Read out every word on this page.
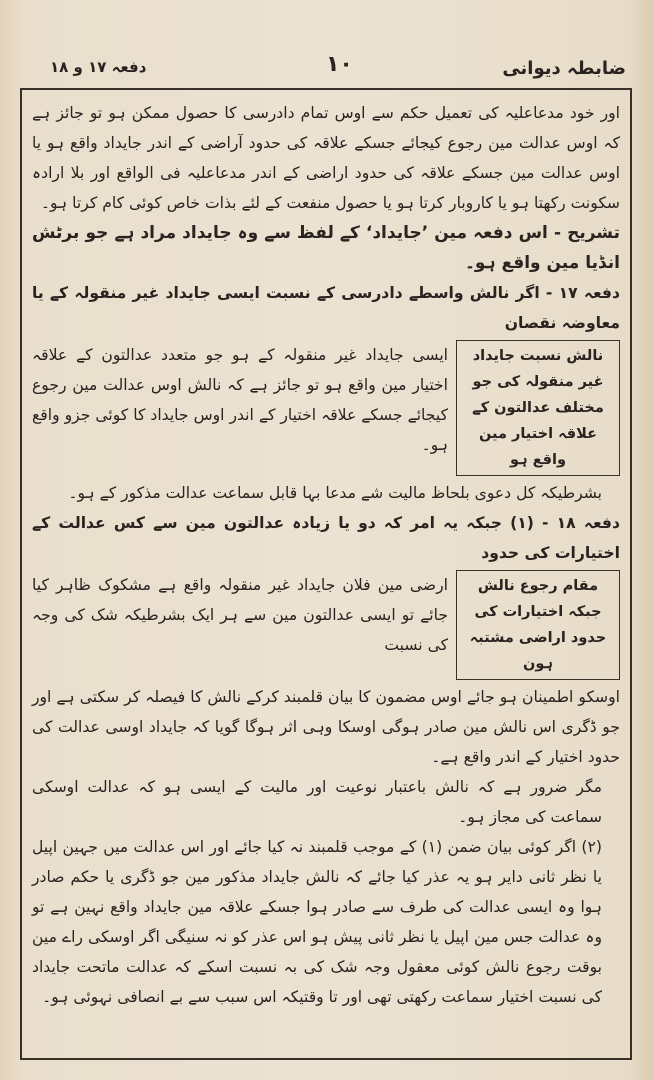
ضابطہ دیوانی
۱۰
دفعہ ۱۷ و ۱۸

اور خود مدعاعلیہ کی تعمیل حکم سے اوس تمام دادرسی کا حصول ممکن ہو تو جائز ہے کہ اوس عدالت مین رجوع کیجائے جسکے علاقہ کی حدود آراضی کے اندر جایداد واقع ہو یا اوس عدالت مین جسکے علاقہ کی حدود اراضی کے اندر مدعاعلیہ فی الواقع اور بلا ارادہ سکونت رکھتا ہو یا کاروبار کرتا ہو یا حصول منفعت کے لئے بذات خاص کوئی کام کرتا ہو۔

تشریح - اس دفعہ مین ’جایداد‘ کے لفظ سے وہ جایداد مراد ہے جو برٹش انڈیا مین واقع ہو۔

دفعہ ۱۷ - اگر نالش واسطے دادرسی کے نسبت ایسی جایداد غیر منقولہ کے یا معاوضہ نقصان

نالش نسبت جایداد غیر منقولہ کی جو مختلف عدالتون کے علاقہ اختیار مین واقع ہو
ایسی جایداد غیر منقولہ کے ہو جو متعدد عدالتون کے علاقہ اختیار مین واقع ہو تو جائز ہے کہ نالش اوس عدالت مین رجوع کیجائے جسکے علاقہ اختیار کے اندر اوس جایداد کا کوئی جزو واقع ہو۔

بشرطیکہ کل دعوی بلحاظ مالیت شے مدعا بہا قابل سماعت عدالت مذکور کے ہو۔

دفعہ ۱۸ - (۱) جبکہ یہ امر کہ دو یا زیادہ عدالتون مین سے کس عدالت کے اختیارات کی حدود

مقام رجوع نالش جبکہ اختیارات کی حدود اراضی مشتبہ ہون
ارضی مین فلان جایداد غیر منقولہ واقع ہے مشکوک ظاہر کیا جائے تو ایسی عدالتون مین سے ہر ایک بشرطیکہ شک کی وجہ کی نسبت

اوسکو اطمینان ہو جائے اوس مضمون کا بیان قلمبند کرکے نالش کا فیصلہ کر سکتی ہے اور جو ڈگری اس نالش مین صادر ہوگی اوسکا وہی اثر ہوگا گویا کہ جایداد اوسی عدالت کی حدود اختیار کے اندر واقع ہے۔

مگر ضرور ہے کہ نالش باعتبار نوعیت اور مالیت کے ایسی ہو کہ عدالت اوسکی سماعت کی مجاز ہو۔

(۲) اگر کوئی بیان ضمن (۱) کے موجب قلمبند نہ کیا جائے اور اس عدالت میں جہین اپیل یا نظر ثانی دایر ہو یہ عذر کیا جائے کہ نالش جایداد مذکور مین جو ڈگری یا حکم صادر ہوا وہ ایسی عدالت کی طرف سے صادر ہوا جسکے علاقہ مین جایداد واقع نہین ہے تو وہ عدالت جس مین اپیل یا نظر ثانی پیش ہو اس عذر کو نہ سنیگی اگر اوسکی راے مین بوقت رجوع نالش کوئی معقول وجہ شک کی بہ نسبت اسکے کہ عدالت ماتحت جایداد کی نسبت اختیار سماعت رکھتی تھی اور تا وقتیکہ اس سبب سے بے انصافی نہوئی ہو۔
